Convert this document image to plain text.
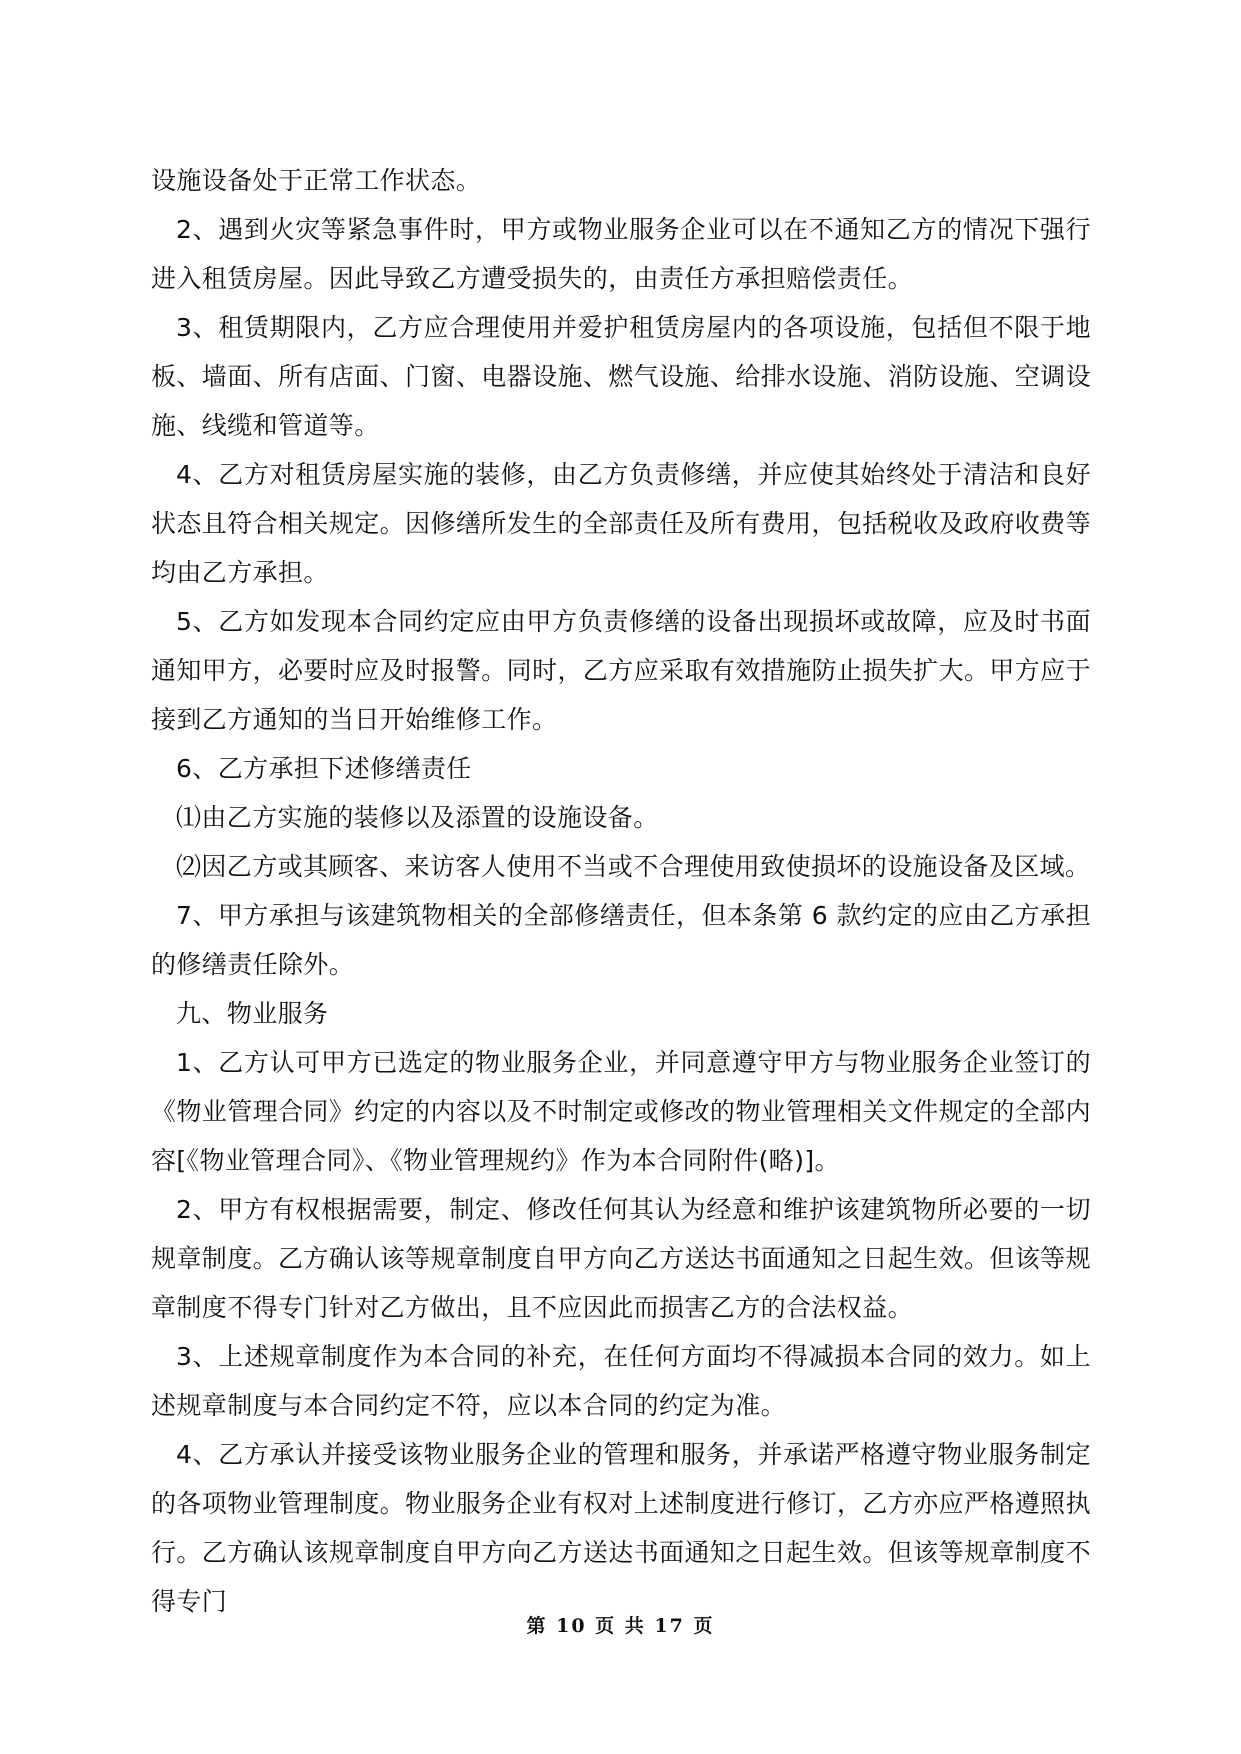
设施设备处于正常工作状态。

2、遇到火灾等紧急事件时，甲方或物业服务企业可以在不通知乙方的情况下强行进入租赁房屋。因此导致乙方遭受损失的，由责任方承担赔偿责任。

3、租赁期限内，乙方应合理使用并爱护租赁房屋内的各项设施，包括但不限于地板、墙面、所有店面、门窗、电器设施、燃气设施、给排水设施、消防设施、空调设施、线缆和管道等。

4、乙方对租赁房屋实施的装修，由乙方负责修缮，并应使其始终处于清洁和良好状态且符合相关规定。因修缮所发生的全部责任及所有费用，包括税收及政府收费等均由乙方承担。

5、乙方如发现本合同约定应由甲方负责修缮的设备出现损坏或故障，应及时书面通知甲方，必要时应及时报警。同时，乙方应采取有效措施防止损失扩大。甲方应于接到乙方通知的当日开始维修工作。

6、乙方承担下述修缮责任

⑴由乙方实施的装修以及添置的设施设备。

⑵因乙方或其顾客、来访客人使用不当或不合理使用致使损坏的设施设备及区域。

7、甲方承担与该建筑物相关的全部修缮责任，但本条第 6 款约定的应由乙方承担的修缮责任除外。

九、物业服务

1、乙方认可甲方已选定的物业服务企业，并同意遵守甲方与物业服务企业签订的《物业管理合同》约定的内容以及不时制定或修改的物业管理相关文件规定的全部内容[《物业管理合同》、《物业管理规约》作为本合同附件(略)]。

2、甲方有权根据需要，制定、修改任何其认为经意和维护该建筑物所必要的一切规章制度。乙方确认该等规章制度自甲方向乙方送达书面通知之日起生效。但该等规章制度不得专门针对乙方做出，且不应因此而损害乙方的合法权益。

3、上述规章制度作为本合同的补充，在任何方面均不得减损本合同的效力。如上述规章制度与本合同约定不符，应以本合同的约定为准。

4、乙方承认并接受该物业服务企业的管理和服务，并承诺严格遵守物业服务制定的各项物业管理制度。物业服务企业有权对上述制度进行修订，乙方亦应严格遵照执行。乙方确认该规章制度自甲方向乙方送达书面通知之日起生效。但该等规章制度不得专门

第 10 页 共 17 页
